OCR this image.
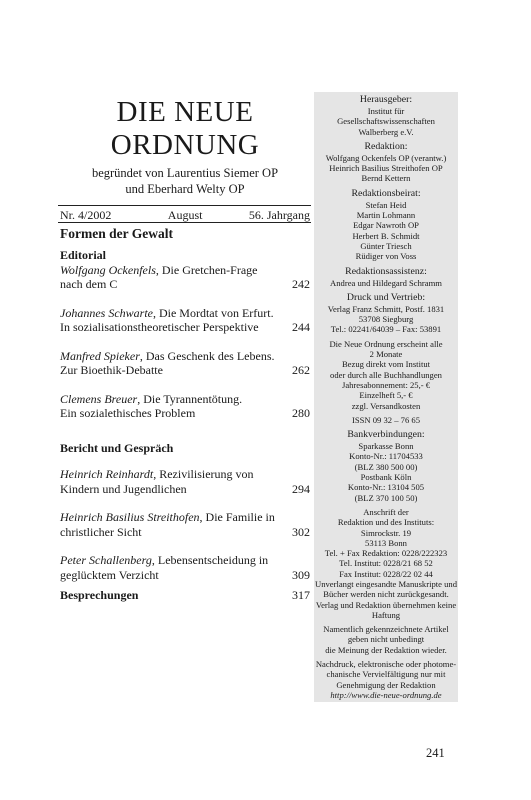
DIE NEUE
ORDNUNG
begründet von Laurentius Siemer OP
und Eberhard Welty OP
Nr. 4/2002	August	56. Jahrgang
Formen der Gewalt
Editorial
Wolfgang Ockenfels, Die Gretchen-Frage
nach dem C	242
Johannes Schwarte, Die Mordtat von Erfurt.
In sozialisationstheoretischer Perspektive	244
Manfred Spieker, Das Geschenk des Lebens.
Zur Bioethik-Debatte	262
Clemens Breuer, Die Tyrannentötung.
Ein sozialethisches Problem	280
Bericht und Gespräch
Heinrich Reinhardt, Rezivilisierung von
Kindern und Jugendlichen	294
Heinrich Basilius Streithofen, Die Familie in
christlicher Sicht	302
Peter Schallenberg, Lebensentscheidung in
geglücktem Verzicht	309
Besprechungen	317
Herausgeber:
Institut für
Gesellschaftswissenschaften
Walberberg e.V.
Redaktion:
Wolfgang Ockenfels OP (verantw.)
Heinrich Basilius Streithofen OP
Bernd Kettern
Redaktionsbeirat:
Stefan Heid
Martin Lohmann
Edgar Nawroth OP
Herbert B. Schmidt
Günter Triesch
Rüdiger von Voss
Redaktionsassistenz:
Andrea und Hildegard Schramm
Druck und Vertrieb:
Verlag Franz Schmitt, Postf. 1831
53708 Siegburg
Tel.: 02241/64039 – Fax: 53891
Die Neue Ordnung erscheint alle
2 Monate
Bezug direkt vom Institut
oder durch alle Buchhandlungen
Jahresabonnement: 25,- €
Einzelheft 5,- €
zzgl. Versandkosten
ISSN 09 32 – 76 65
Bankverbindungen:
Sparkasse Bonn
Konto-Nr.: 11704533
(BLZ 380 500 00)
Postbank Köln
Konto-Nr.: 13104 505
(BLZ 370 100 50)
Anschrift der
Redaktion und des Instituts:
Simrockstr. 19
53113 Bonn
Tel. + Fax Redaktion: 0228/222323
Tel. Institut: 0228/21 68 52
Fax Institut: 0228/22 02 44
Unverlangt eingesandte Manuskripte und
Bücher werden nicht zurückgesandt.
Verlag und Redaktion übernehmen keine
Haftung
Namentlich gekennzeichnete Artikel
geben nicht unbedingt
die Meinung der Redaktion wieder.
Nachdruck, elektronische oder photome-
chanische Vervielfältigung nur mit
Genehmigung der Redaktion
http://www.die-neue-ordnung.de
241
